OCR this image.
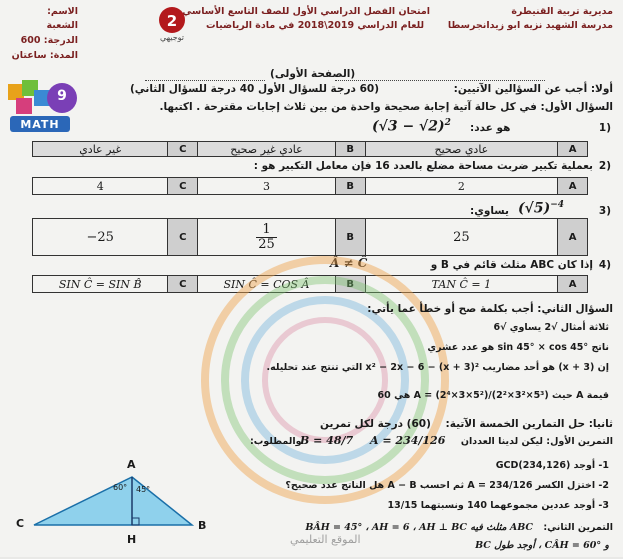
مديرية تربية القنيطرة
مدرسة الشهيد نزيه ابو زيدانجرسطا
امتحان الفصل الدراسي الأول للصف التاسع الأساسي
للعام الدراسي 2019\2018 في مادة الرياضيات
2
توجيهي
الاسم:
الشعبة
الدرجة: 600
المدة: ساعتان
9
MATH
(الصفحة الأولى)
أولا: أجب عن السؤالين الآتيين:
(60 درجة للسؤال الأول 40 درجة للسؤال الثاني)
السؤال الأول: في كل حالة آتية إجابة صحيحة واحدة من بين ثلاث إجابات مقترحة . اكتبها.
1)
$(√3 - √2)^2$ هو عدد:
غير عادي	C	عادي غير صحيح	B	عادي صحيح	A
2)
بعملية تكبير ضربت مساحة مضلع بالعدد 16 فإن معامل التكبير هو :
4	C	3	B	2	A
3)
$(√5)^{-4}$
يساوي:
−25	C	$\frac{1}{25}$	B	25	A
4)
إذا كان ABC مثلث قائم في B و
Â ≠ Ĉ
SIN Ĉ = SIN B̂	C	SIN Ĉ = COS Â	B	TAN Ĉ = 1	A
الموقع التعليمي
السؤال الثاني: أجب بكلمة صح أو خطأ عما يأتي:
ثلاثة أمثال √2 يساوي √6
ناتج sin 45° × cos 45° هو عدد عشري
إن (x + 3) هو أحد مضاريب x² − 2x − 6 − (x + 3)² التي تنتج عند تحليله.
قيمة A حيث A = (2⁴×3×5²)/(2²×3²×5³) هي 60
ثانيا: حل التمارين الخمسة الآتية:
(60) درجة لكل تمرين
التمرين الأول: ليكن لدينا العددان
A = 234/126
B = 48/7
والمطلوب:
1- أوجد GCD(234,126)
2- اختزل الكسر A = 234/126 ثم احسب A − B هل الناتج عدد صحيح؟
3- أوجد عددين مجموعهما 140 ونسبتهما 13/15
التمرين الثاني:
ABC مثلث فيه BÂH = 45° ، AH = 6 ، AH ⊥ BC
و CÂH = 60° ، أوجد طول BC
A
B
C
H
60° 45°
